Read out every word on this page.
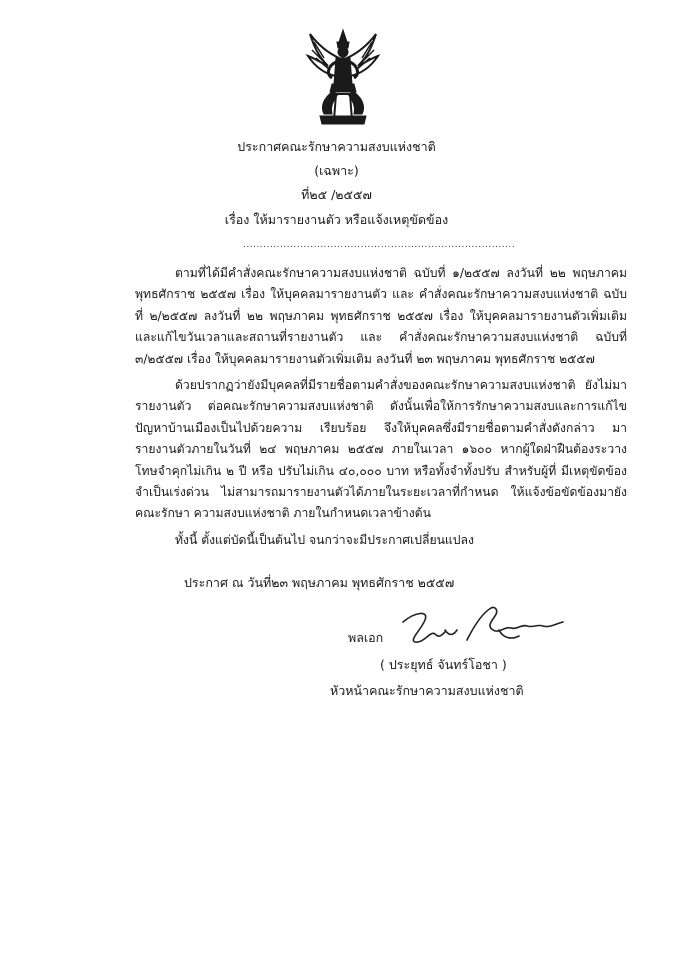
ประกาศคณะรักษาความสงบแห่งชาติ
(เฉพาะ)
ที่๒๕ /๒๕๕๗
เรื่อง ให้มารายงานตัว หรือแจ้งเหตุขัดข้อง
.................................................................................
ตามที่ได้มีคำสั่งคณะรักษาความสงบแห่งชาติ ฉบับที่ ๑/๒๕๕๗ ลงวันที่ ๒๒ พฤษภาคม พุทธศักราช ๒๕๕๗ เรื่อง ให้บุคคลมารายงานตัว และ คำสั่งคณะรักษาความสงบแห่งชาติ ฉบับที่ ๒/๒๕๕๗ ลงวันที่ ๒๒ พฤษภาคม พุทธศักราช ๒๕๕๗ เรื่อง ให้บุคคลมารายงานตัวเพิ่มเติมและแก้ไขวันเวลาและสถานที่รายงานตัว และ คำสั่งคณะรักษาความสงบแห่งชาติ ฉบับที่ ๓/๒๕๕๗ เรื่อง ให้บุคคลมารายงานตัวเพิ่มเติม ลงวันที่ ๒๓ พฤษภาคม พุทธศักราช ๒๕๕๗
ด้วยปรากฏว่ายังมีบุคคลที่มีรายชื่อตามคำสั่งของคณะรักษาความสงบแห่งชาติ ยังไม่มารายงานตัว ต่อคณะรักษาความสงบแห่งชาติ ดังนั้นเพื่อให้การรักษาความสงบและการแก้ไขปัญหาบ้านเมืองเป็นไปด้วยความ เรียบร้อย จึงให้บุคคลซึ่งมีรายชื่อตามคำสั่งดังกล่าว มารายงานตัวภายในวันที่ ๒๔ พฤษภาคม ๒๕๕๗ ภายในเวลา ๑๖๐๐ หากผู้ใดฝ่าฝืนต้องระวางโทษจำคุกไม่เกิน ๒ ปี หรือ ปรับไม่เกิน ๔๐,๐๐๐ บาท หรือทั้งจำทั้งปรับ สำหรับผู้ที่ มีเหตุขัดข้องจำเป็นเร่งด่วน ไม่สามารถมารายงานตัวได้ภายในระยะเวลาที่กำหนด ให้แจ้งข้อขัดข้องมายังคณะรักษา ความสงบแห่งชาติ ภายในกำหนดเวลาข้างต้น
ทั้งนี้ ตั้งแต่บัดนี้เป็นต้นไป จนกว่าจะมีประกาศเปลี่ยนแปลง
ประกาศ ณ วันที่๒๓ พฤษภาคม พุทธศักราช ๒๕๕๗
พลเอก
( ประยุทธ์ จันทร์โอชา )
หัวหน้าคณะรักษาความสงบแห่งชาติ
